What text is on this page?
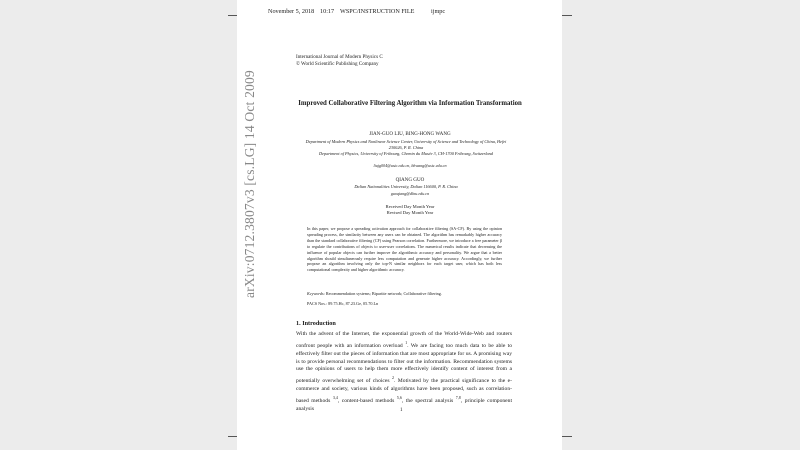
November 5, 2018 10:17 WSPC/INSTRUCTION FILE	ijmpc
arXiv:0712.3807v3 [cs.LG] 14 Oct 2009
International Journal of Modern Physics C
© World Scientific Publishing Company
Improved Collaborative Filtering Algorithm via Information Transformation
JIAN-GUO LIU, BING-HONG WANG
Department of Modern Physics and Nonlinear Science Center, University of Science and Technology of China, Hefei 230026, P. R. China
Department of Physics, University of Fribourg, Chemin du Musée 3, CH-1700 Fribourg, Switzerland
liujg004@ustc.edu.cn, bhwang@ustc.edu.cn
QIANG GUO
Dalian Nationalities University, Dalian 116600, P. R. China
guoqiang@dlnu.edu.cn
Received Day Month Year
Revised Day Month Year
In this paper, we propose a spreading activation approach for collaborative filtering (SA-CF). By using the opinion spreading process, the similarity between any users can be obtained. The algorithm has remarkably higher accuracy than the standard collaborative filtering (CF) using Pearson correlation. Furthermore, we introduce a free parameter β to regulate the contributions of objects to user-user correlations. The numerical results indicate that decreasing the influence of popular objects can further improve the algorithmic accuracy and personality. We argue that a better algorithm should simultaneously require less computation and generate higher accuracy. Accordingly, we further propose an algorithm involving only the top-N similar neighbors for each target user, which has both less computational complexity and higher algorithmic accuracy.
Keywords: Recommendation systems; Bipartite network; Collaborative filtering.
PACS Nos.: 89.75.Hc, 87.23.Ge, 05.70.Ln
1. Introduction
With the advent of the Internet, the exponential growth of the World-Wide-Web and routers confront people with an information overload $^1$. We are facing too much data to be able to effectively filter out the pieces of information that are most appropriate for us. A promising way is to provide personal recommendations to filter out the information. Recommendation systems use the opinions of users to help them more effectively identify content of interest from a potentially overwhelming set of choices $^2$. Motivated by the practical significance to the e-commerce and society, various kinds of algorithms have been proposed, such as correlation-based methods $^{3,4}$, content-based methods $^{5,6}$, the spectral analysis $^{7,8}$, principle component analysis	1
